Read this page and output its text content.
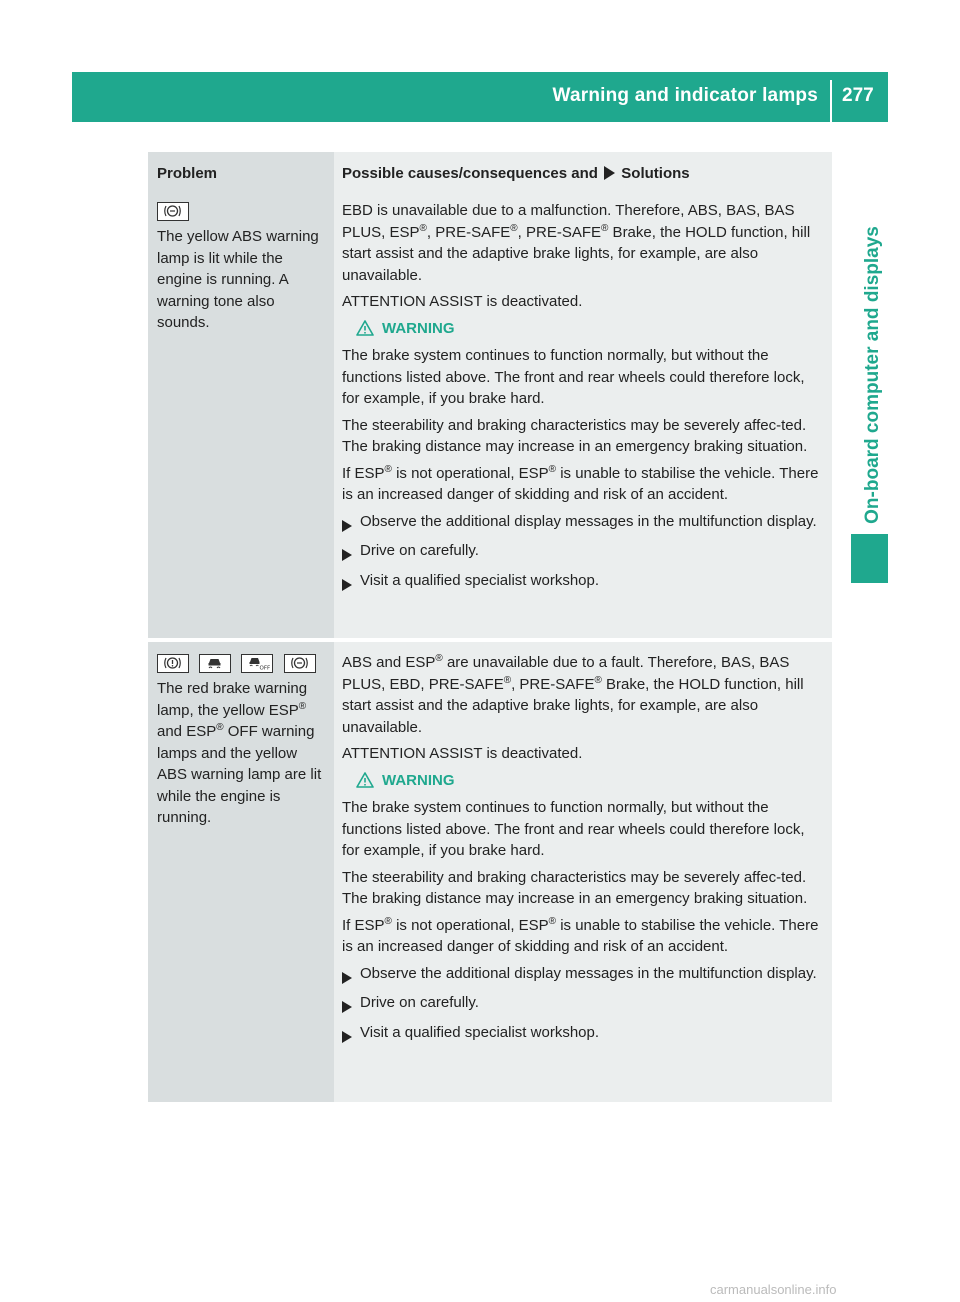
Warning and indicator lamps 277
On-board computer and displays
Problem	Possible causes/consequences and Solutions
The yellow ABS warning lamp is lit while the engine is running. A warning tone also sounds.

EBD is unavailable due to a malfunction. Therefore, ABS, BAS, BAS PLUS, ESP®, PRE-SAFE®, PRE-SAFE® Brake, the HOLD function, hill start assist and the adaptive brake lights, for example, are also unavailable.

ATTENTION ASSIST is deactivated.

WARNING

The brake system continues to function normally, but without the functions listed above. The front and rear wheels could therefore lock, for example, if you brake hard.

The steerability and braking characteristics may be severely affec-ted. The braking distance may increase in an emergency braking situation.

If ESP® is not operational, ESP® is unable to stabilise the vehicle. There is an increased danger of skidding and risk of an accident.

Observe the additional display messages in the multifunction display.
Drive on carefully.
Visit a qualified specialist workshop.

OFF

The red brake warning lamp, the yellow ESP® and ESP® OFF warning lamps and the yellow ABS warning lamp are lit while the engine is running.

ABS and ESP® are unavailable due to a fault. Therefore, BAS, BAS PLUS, EBD, PRE-SAFE®, PRE-SAFE® Brake, the HOLD function, hill start assist and the adaptive brake lights, for example, are also unavailable.

ATTENTION ASSIST is deactivated.

WARNING

The brake system continues to function normally, but without the functions listed above. The front and rear wheels could therefore lock, for example, if you brake hard.

The steerability and braking characteristics may be severely affec-ted. The braking distance may increase in an emergency braking situation.

If ESP® is not operational, ESP® is unable to stabilise the vehicle. There is an increased danger of skidding and risk of an accident.

Observe the additional display messages in the multifunction display.
Drive on carefully.
Visit a qualified specialist workshop.
carmanualsonline.info
